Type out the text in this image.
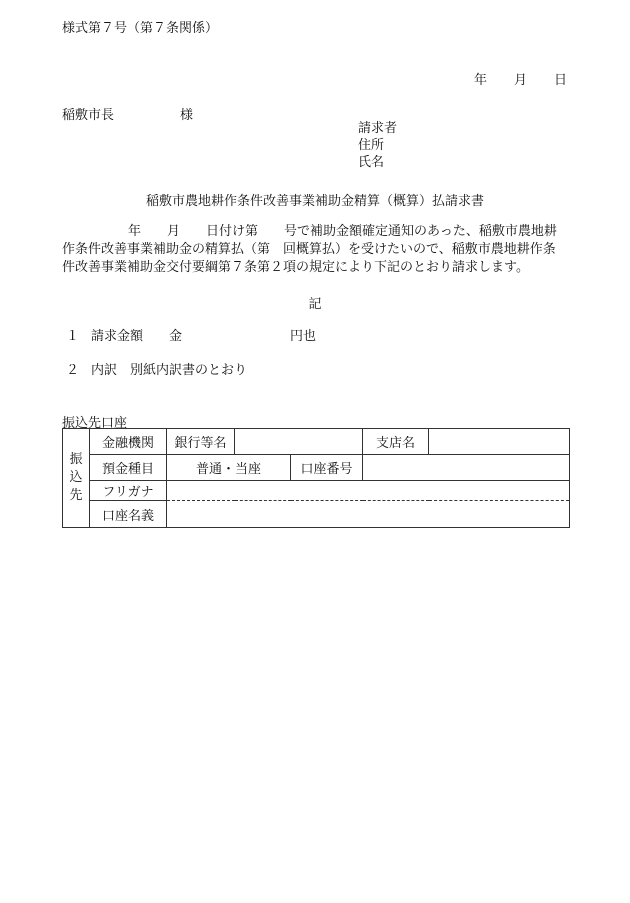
様式第７号（第７条関係）
年 月 日
稲敷市長	様
請求者
住所
氏名
稲敷市農地耕作条件改善事業補助金精算（概算）払請求書
年 月 日付け第 号で補助金額確定通知のあった、稲敷市農地耕作条件改善事業補助金の精算払（第 回概算払）を受けたいので、稲敷市農地耕作条件改善事業補助金交付要綱第７条第２項の規定により下記のとおり請求します。
記
１ 請求金額 金	円也
２ 内訳 別紙内訳書のとおり
振込先口座
振込先	金融機関	銀行等名			支店名	
	預金種目	普通・当座		口座番号		
	フリガナ					
	口座名義					
